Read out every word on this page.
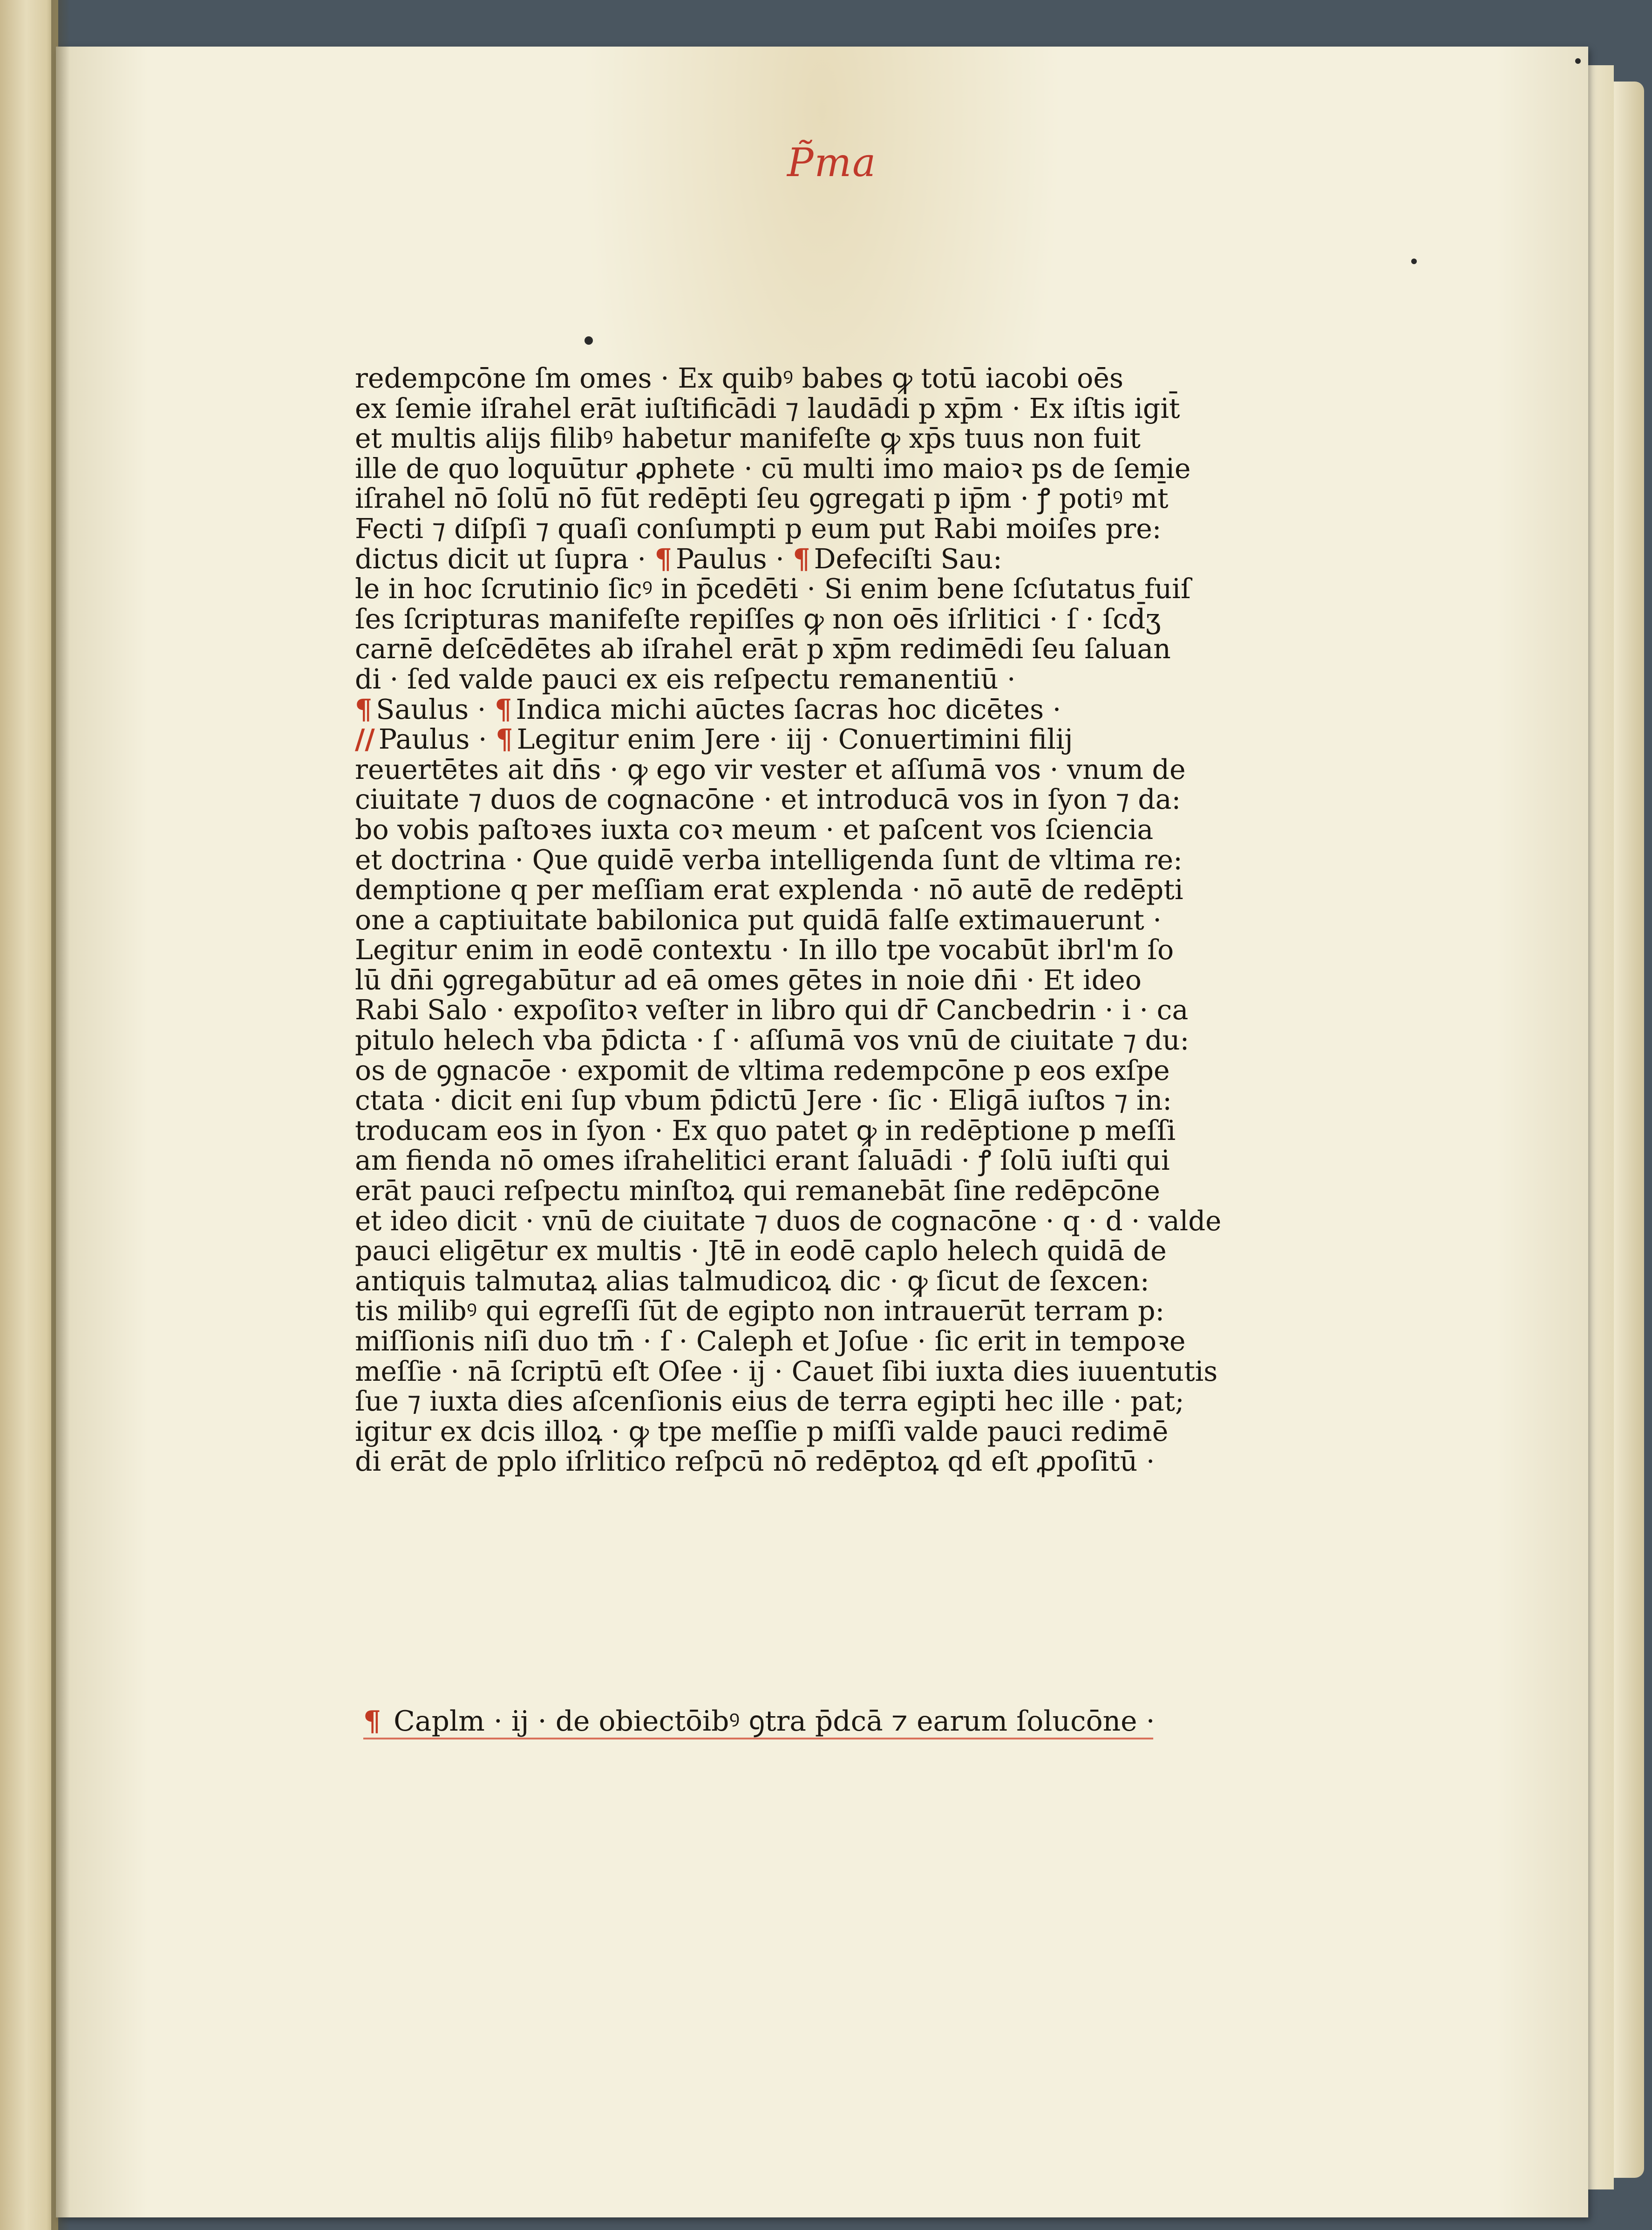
P̃ma
redempcōne ſm omes · Ex quibꝰ babes ꝙ totū iacobi oēs
ex ſemie iſrahel erāt iuſtificādi ⁊ laudādi p xp̄m · Ex iſtis igit̄
et multis alijs filibꝰ habetur manifeſte ꝙ xp̄s tuus non fuit
ille de quo loquūtur ꝓphete · cū multi imo maioꝛ ps de ſemie
iſrahel nō ſolū nō fūt redēpti ſeu ꝯgregati p ip̄m · ꝭ potiꝰ mt̄
Fecti ⁊ diſpſi ⁊ quaſi conſumpti p eum put Rabi moiſes pre:
dictus dicit ut ſupra · ¶ Paulus · ¶ Defeciſti Sau:
le in hoc ſcrutinio ſicꝰ in p̄cedēti · Si enim bene ſcſutatus fuiſ
ſes ſcripturas manifeſte repiſſes ꝙ non oēs iſrlitici · ſ · ſcd̄ʒ
carnē deſcēdētes ab iſrahel erāt p xp̄m redimēdi ſeu ſaluan
di · ſed valde pauci ex eis reſpectu remanentiū ·
¶ Saulus · ¶ Indica michi aūctes ſacras hoc dicētes ·
// Paulus · ¶ Legitur enim Jere · iij · Conuertimini filij
reuertētes ait dn̄s · ꝙ ego vir vester et aſſumā vos · vnum de
ciuitate ⁊ duos de cognacōne · et introducā vos in ſyon ⁊ da:
bo vobis paſtoꝛes iuxta coꝛ meum · et paſcent vos ſciencia
et doctrina · Que quidē verba intelligenda ſunt de vltima re:
demptione q per meſſiam erat explenda · nō autē de redēpti
one a captiuitate babilonica put quidā falſe extimauerunt ·
Legitur enim in eodē contextu · In illo tpe vocabūt ibrl'm ſo
lū dn̄i ꝯgregabūtur ad eā omes gētes in noie dn̄i · Et ideo
Rabi Salo · expoſitoꝛ veſter in libro qui dr̄ Cancbedrin · i · ca
pitulo helech vba p̄dicta · ſ · aſſumā vos vnū de ciuitate ⁊ du:
os de ꝯgnacōe · expomit de vltima redempcōne p eos exſpe
ctata · dicit eni ſup vbum p̄dictū Jere · ſic · Eligā iuſtos ⁊ in:
troducam eos in ſyon · Ex quo patet ꝙ in redēptione p meſſi
am fienda nō omes iſrahelitici erant ſaluādi · ꝭ ſolū iuſti qui
erāt pauci reſpectu minſtoꝝ qui remanebāt ſine redēpcōne
et ideo dicit · vnū de ciuitate ⁊ duos de cognacōne · q · d · valde
pauci eligētur ex multis · Jtē in eodē caplo helech quidā de
antiquis talmutaꝝ alias talmudicoꝝ dic · ꝙ ſicut de ſexcen:
tis milibꝰ qui egreſſi ſūt de egipto non intrauerūt terram p:
miſſionis niſi duo tm̄ · ſ · Caleph et Joſue · ſic erit in tempoꝛe
meſſie · nā ſcriptū eſt Oſee · ij · Cauet ſibi iuxta dies iuuentutis
ſue ⁊ iuxta dies aſcenſionis eius de terra egipti hec ille · pat;
igitur ex dcis illoꝝ · ꝙ tpe meſſie p miſſi valde pauci redimē
di erāt de pplo iſrlitico reſpcū nō redēptoꝝ qd eſt ꝓpoſitū ·
¶ Caplm · ij · de obiectōibꝰ ꝯtra p̄dcā ⁊ earum ſolucōne ·
